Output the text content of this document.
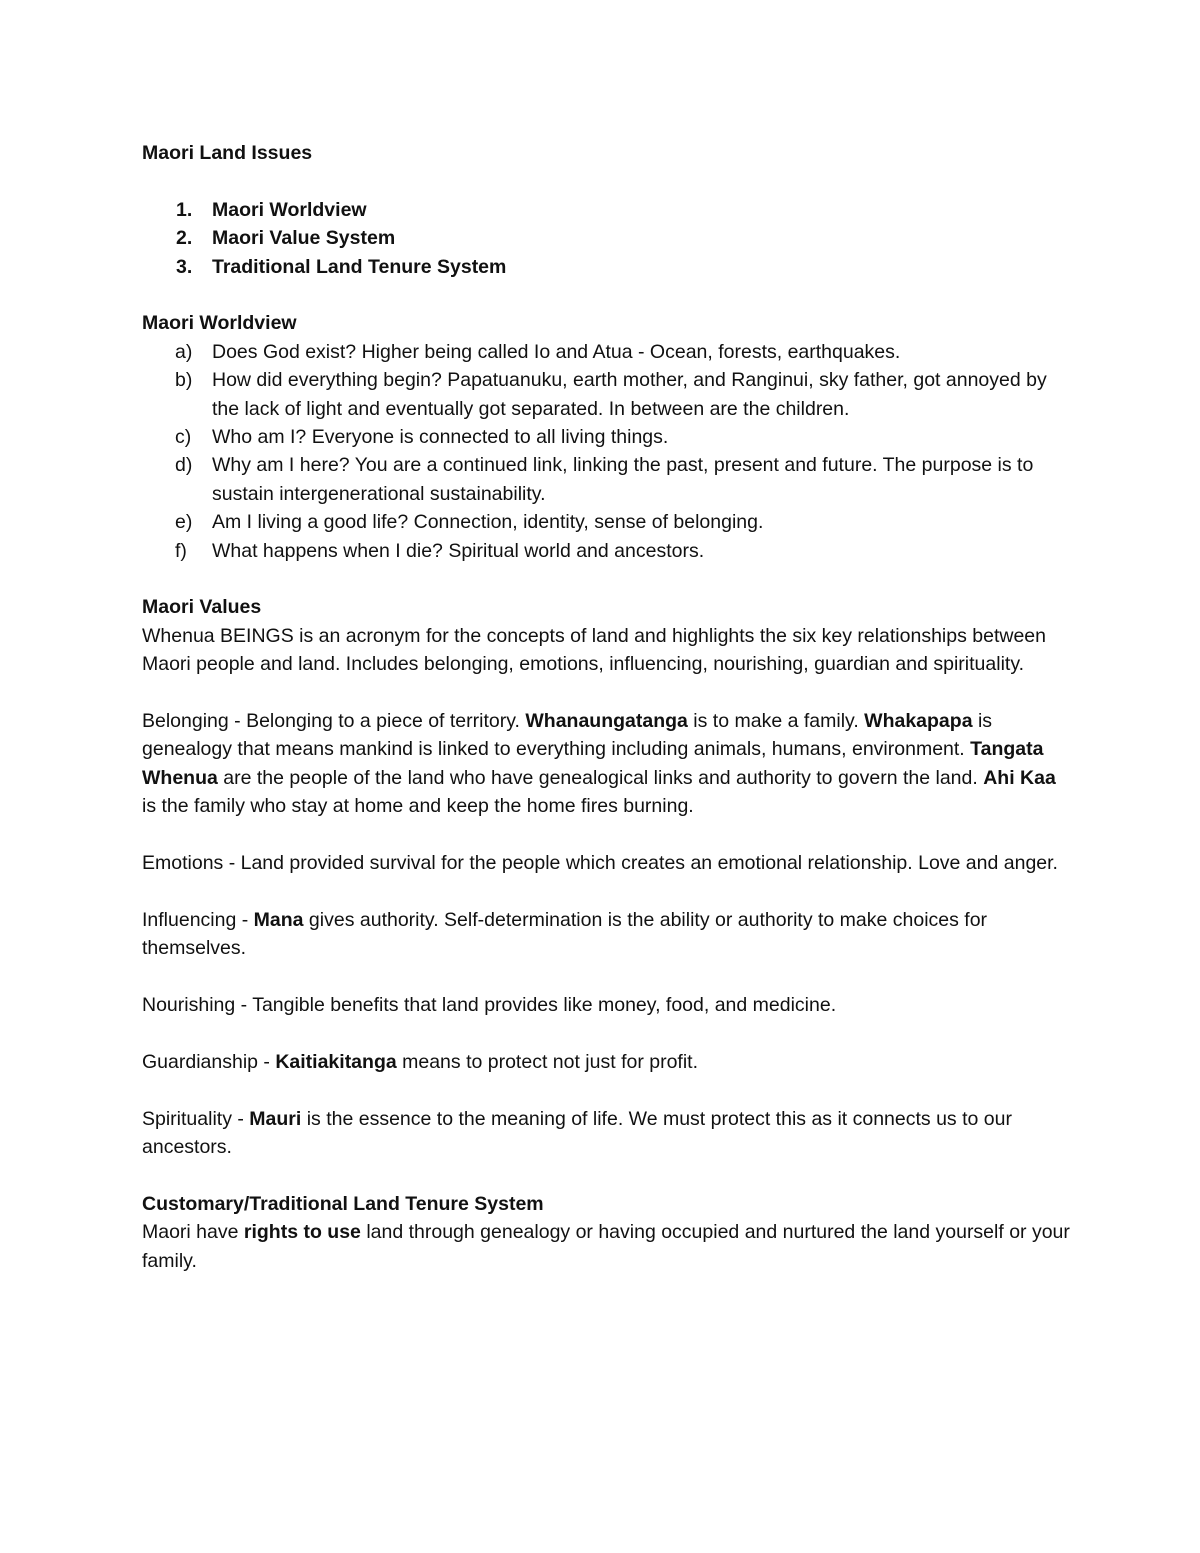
Maori Land Issues

1.	Maori Worldview
2.	Maori Value System
3.	Traditional Land Tenure System

Maori Worldview

a)	Does God exist? Higher being called Io and Atua - Ocean, forests, earthquakes.
b)	How did everything begin? Papatuanuku, earth mother, and Ranginui, sky father, got annoyed by the lack of light and eventually got separated. In between are the children.
c)	Who am I? Everyone is connected to all living things.
d)	Why am I here? You are a continued link, linking the past, present and future. The purpose is to sustain intergenerational sustainability.
e)	Am I living a good life? Connection, identity, sense of belonging.
f)	What happens when I die? Spiritual world and ancestors.

Maori Values

Whenua BEINGS is an acronym for the concepts of land and highlights the six key relationships between Maori people and land. Includes belonging, emotions, influencing, nourishing, guardian and spirituality.

Belonging - Belonging to a piece of territory. Whanaungatanga is to make a family. Whakapapa is genealogy that means mankind is linked to everything including animals, humans, environment. Tangata Whenua are the people of the land who have genealogical links and authority to govern the land. Ahi Kaa is the family who stay at home and keep the home fires burning.

Emotions - Land provided survival for the people which creates an emotional relationship. Love and anger.

Influencing - Mana gives authority. Self-determination is the ability or authority to make choices for themselves.

Nourishing - Tangible benefits that land provides like money, food, and medicine.

Guardianship - Kaitiakitanga means to protect not just for profit.

Spirituality - Mauri is the essence to the meaning of life. We must protect this as it connects us to our ancestors.

Customary/Traditional Land Tenure System

Maori have rights to use land through genealogy or having occupied and nurtured the land yourself or your family.
